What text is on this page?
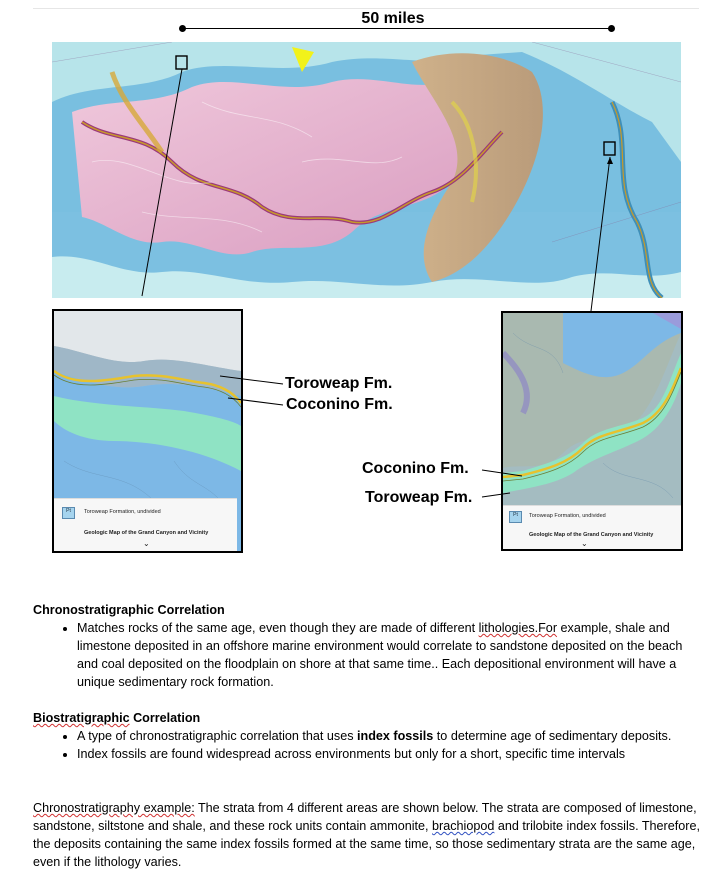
50 miles
Pt	Toroweap Formation, undivided
Geologic Map of the Grand Canyon and Vicinity
⌄
Pt	Toroweap Formation, undivided
Geologic Map of the Grand Canyon and Vicinity
⌄
Toroweap Fm.
Coconino Fm.
Coconino Fm.
Toroweap Fm.
Chronostratigraphic Correlation
• Matches rocks of the same age, even though they are made of different lithologies.For example, shale and limestone deposited in an offshore marine environment would correlate to sandstone deposited on the beach and coal deposited on the floodplain on shore at that same time.. Each depositional environment will have a unique sedimentary rock formation.
Biostratigraphic Correlation
• A type of chronostratigraphic correlation that uses index fossils to determine age of sedimentary deposits.
• Index fossils are found widespread across environments but only for a short, specific time intervals
Chronostratigraphy example: The strata from 4 different areas are shown below. The strata are composed of limestone, sandstone, siltstone and shale, and these rock units contain ammonite, brachiopod and trilobite index fossils. Therefore, the deposits containing the same index fossils formed at the same time, so those sedimentary strata are the same age, even if the lithology varies.
